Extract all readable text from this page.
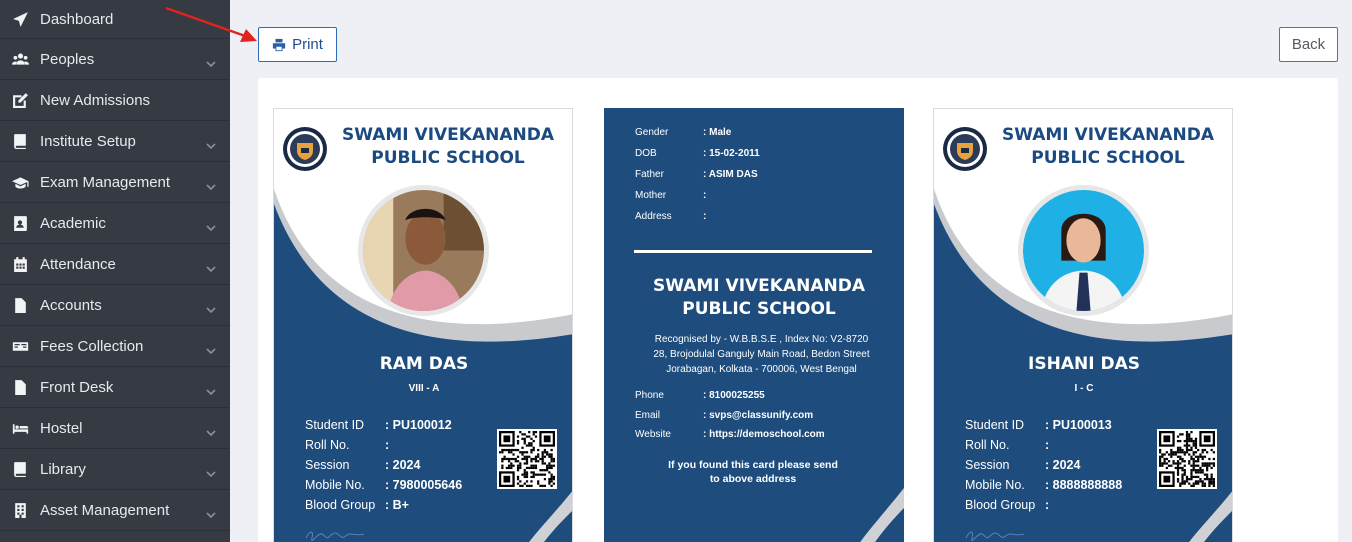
Dashboard
Peoples
New Admissions
Institute Setup
Exam Management
Academic
Attendance
Accounts
Fees Collection
Front Desk
Hostel
Library
Asset Management
Print	Back
SWAMI VIVEKANANDA
PUBLIC SCHOOL
RAM DAS
VIII - A
Student ID	: PU100012
Roll No.	:
Session	: 2024
Mobile No.	: 7980005646
Blood Group : B+
Gender	: Male
DOB	: 15-02-2011
Father	: ASIM DAS
Mother	:
Address	:
SWAMI VIVEKANANDA
PUBLIC SCHOOL
Recognised by - W.B.B.S.E , Index No: V2-8720
28, Brojodulal Ganguly Main Road, Bedon Street
Jorabagan, Kolkata - 700006, West Bengal
Phone	: 8100025255
Email	: svps@classunify.com
Website	: https://demoschool.com
If you found this card please send
to above address
SWAMI VIVEKANANDA
PUBLIC SCHOOL
ISHANI DAS
I - C
Student ID	: PU100013
Roll No.	:
Session	: 2024
Mobile No.	: 8888888888
Blood Group :
